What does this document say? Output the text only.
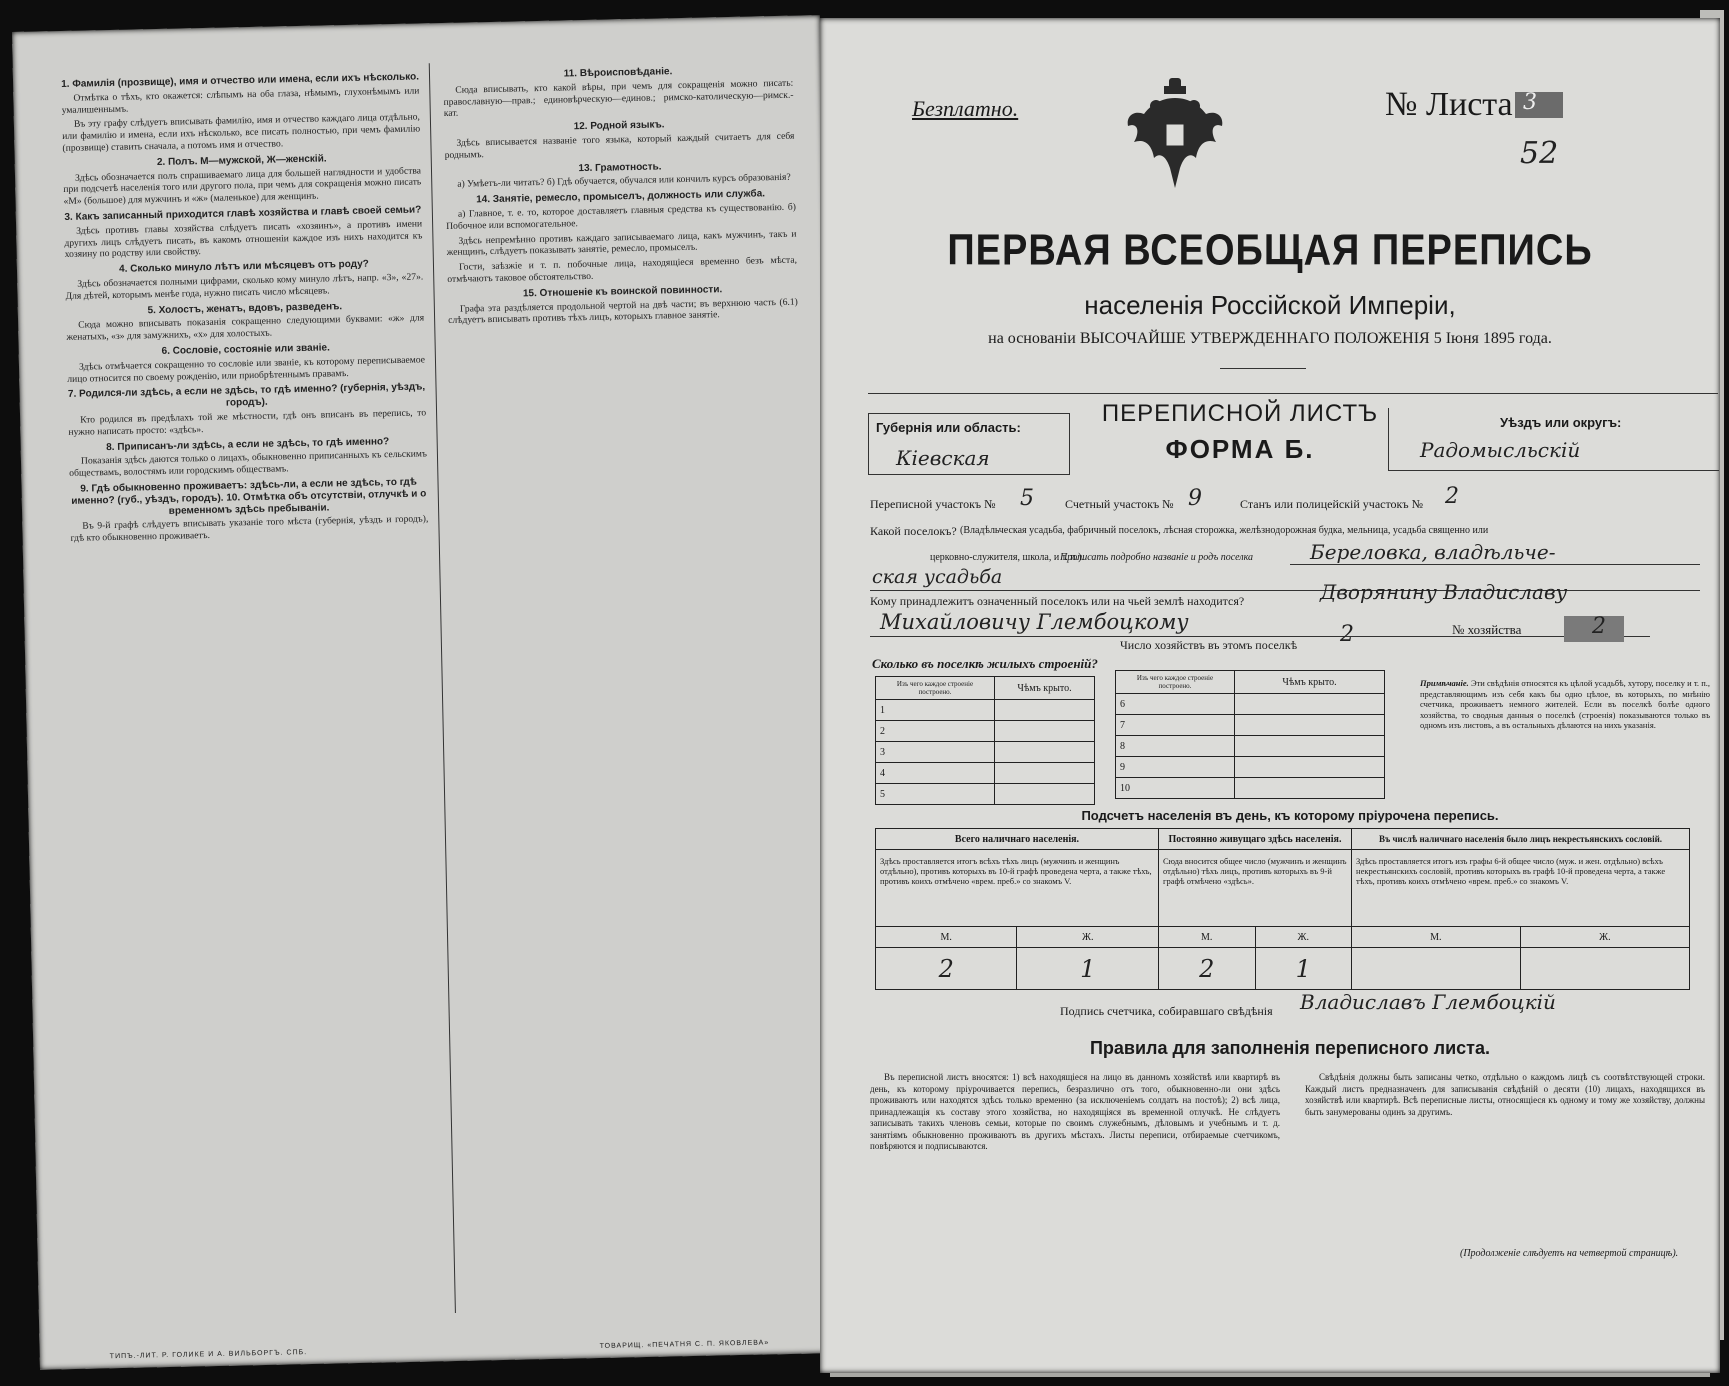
1. Фамилія (прозвище), имя и отчество или имена, если ихъ нѣсколько.

Отмѣтка о тѣхъ, кто окажется: слѣпымъ на оба глаза, нѣмымъ, глухонѣмымъ или умалишеннымъ.

Въ эту графу слѣдуетъ вписывать фамилію, имя и отчество каждаго лица отдѣльно, или фамилію и имена, если ихъ нѣсколько, все писать полностью, при чемъ фамилію (прозвище) ставить сначала, а потомъ имя и отчество.

2. Полъ. М—мужской, Ж—женскій.

Здѣсь обозначается полъ спрашиваемаго лица для большей наглядности и удобства при подсчетѣ населенія того или другого пола, при чемъ для сокращенія можно писать «М» (большое) для мужчинъ и «ж» (маленькое) для женщинъ.

3. Какъ записанный приходится главѣ хозяйства и главѣ своей семьи?

Здѣсь противъ главы хозяйства слѣдуетъ писать «хозяинъ», а противъ имени другихъ лицъ слѣдуетъ писать, въ какомъ отношеніи каждое изъ нихъ находится къ хозяину по родству или свойству.

4. Сколько минуло лѣтъ или мѣсяцевъ отъ роду?

Здѣсь обозначается полными цифрами, сколько кому минуло лѣтъ, напр. «3», «27». Для дѣтей, которымъ менѣе года, нужно писать число мѣсяцевъ.

5. Холостъ, женатъ, вдовъ, разведенъ.

Сюда можно вписывать показанія сокращенно следующими буквами: «ж» для женатыхъ, «з» для замужнихъ, «х» для холостыхъ.

6. Сословіе, состояніе или званіе.

Здѣсь отмѣчается сокращенно то сословіе или званіе, къ которому переписываемое лицо относится по своему рожденію, или приобрѣтеннымъ правамъ.

7. Родился-ли здѣсь, а если не здѣсь, то гдѣ именно? (губернія, уѣздъ, городъ).

Кто родился въ предѣлахъ той же мѣстности, гдѣ онъ вписанъ въ перепись, то нужно написать просто: «здѣсь».

8. Приписанъ-ли здѣсь, а если не здѣсь, то гдѣ именно?

Показанія здѣсь даются только о лицахъ, обыкновенно приписанныхъ къ сельскимъ обществамъ, волостямъ или городскимъ обществамъ.

9. Гдѣ обыкновенно проживаетъ: здѣсь-ли, а если не здѣсь, то гдѣ именно? (губ., уѣздъ, городъ). 10. Отмѣтка объ отсутствіи, отлучкѣ и о временномъ здѣсь пребываніи.

Въ 9-й графѣ слѣдуетъ вписывать указаніе того мѣста (губернія, уѣздъ и городъ), гдѣ кто обыкновенно проживаетъ.

11. Вѣроисповѣданіе.

Сюда вписывать, кто какой вѣры, при чемъ для сокращенія можно писать: православную—прав.; единовѣрческую—единов.; римско-католическую—римск.-кат.

12. Родной языкъ.

Здѣсь вписывается названіе того языка, который каждый считаетъ для себя роднымъ.

13. Грамотность.

а) Умѣетъ-ли читать? б) Гдѣ обучается, обучался или кончилъ курсъ образованія?

14. Занятіе, ремесло, промыселъ, должность или служба.

а) Главное, т. е. то, которое доставляетъ главныя средства къ существованію. б) Побочное или вспомогательное.

Здѣсь непремѣнно противъ каждаго записываемаго лица, какъ мужчинъ, такъ и женщинъ, слѣдуетъ показывать занятіе, ремесло, промыселъ.

Гости, заѣзжіе и т. п. побочные лица, находящіеся временно безъ мѣста, отмѣчаютъ таковое обстоятельство.

15. Отношеніе къ воинской повинности.

Графа эта раздѣляется продольной чертой на двѣ части; въ верхнюю часть (6.1) слѣдуетъ вписывать противъ тѣхъ лицъ, которыхъ главное занятіе.

ТИПЪ.-ЛИТ. Р. ГОЛИКЕ И А. ВИЛЬБОРГЪ. СПБ.
ТОВАРИЩ. «ПЕЧАТНЯ С. П. ЯКОВЛЕВА»
Безплатно.	№ Листа 3
52
ПЕРВАЯ ВСЕОБЩАЯ ПЕРЕПИСЬ
населенія Россійской Имперіи,
на основаніи ВЫСОЧАЙШЕ УТВЕРЖДЕННАГО ПОЛОЖЕНІЯ 5 Іюня 1895 года.
ПЕРЕПИСНОЙ ЛИСТЪ
ФОРМА Б.
Губернія или область:
Кіевская
Уѣздъ или округъ:
Радомысльскій
Переписной участокъ № 5	Счетный участокъ № 9	Станъ или полицейскій участокъ № 2
Какой поселокъ? (Владѣльческая усадьба, фабричный поселокъ, лѣсная сторожка, желѣзнодорожная будка, мельница, усадьба священно или
церковно-служителя, школа, и т. п.).
Прописать подробно названіе и родъ поселка	Береловка, владѣльче-
ская усадьба
Кому принадлежитъ означенный поселокъ или на чьей землѣ находится?	Дворянину Владиславу
Михайловичу Глембоцкому
Число хозяйствъ въ этомъ поселкѣ 2	№ хозяйства	2
Сколько въ поселкѣ жилыхъ строеній?
Изъ чего каждое строеніе построено.	Чѣмъ крыто.
1	
2	
3	
4	
5	
Изъ чего каждое строеніе построено.	Чѣмъ крыто.
6	
7	
8	
9	
10	
Примѣчаніе. Эти свѣдѣнія относятся къ цѣлой усадьбѣ, хутору, поселку и т. п., представляющимъ изъ себя какъ бы одно цѣлое, въ которыхъ, по мнѣнію счетчика, проживаетъ немного жителей. Если въ поселкѣ болѣе одного хозяйства, то сводныя данныя о поселкѣ (строенія) показываются только въ одномъ изъ листовъ, а въ остальныхъ дѣлаются на нихъ указанія.
Подсчетъ населенія въ день, къ которому пріурочена перепись.
Всего наличнаго населенія.		Постоянно живущаго здѣсь населенія.		Въ числѣ наличнаго населенія было лицъ некрестьянскихъ сословій.	
Здѣсь проставляется итогъ всѣхъ тѣхъ лицъ (мужчинъ и женщинъ отдѣльно), противъ которыхъ въ 10-й графѣ проведена черта, а также тѣхъ, противъ коихъ отмѣчено «врем. преб.» со знакомъ V.		Сюда вносится общее число (мужчинъ и женщинъ отдѣльно) тѣхъ лицъ, противъ которыхъ въ 9-й графѣ отмѣчено «здѣсь».		Здѣсь проставляется итогъ изъ графы 6-й общее число (муж. и жен. отдѣльно) всѣхъ некрестьянскихъ сословій, противъ которыхъ въ графѣ 10-й проведена черта, а также тѣхъ, противъ коихъ отмѣчено «врем. преб.» со знакомъ V.	
М.	Ж.	М.	Ж.	М.	Ж.
2	1	2	1		
Подпись счетчика, собиравшаго свѣдѣнія Владиславъ Глембоцкій
Правила для заполненія переписного листа.
Въ переписной листъ вносятся: 1) всѣ находящіеся на лицо въ данномъ хозяйствѣ или квартирѣ въ день, къ которому пріурочивается перепись, безразлично отъ того, обыкновенно-ли они здѣсь проживаютъ или находятся здѣсь только временно (за исключеніемъ солдатъ на постоѣ); 2) всѣ лица, принадлежащія къ составу этого хозяйства, но находящіяся въ временной отлучкѣ. Не слѣдуетъ записывать такихъ членовъ семьи, которые по своимъ служебнымъ, дѣловымъ и учебнымъ и т. д. занятіямъ обыкновенно проживаютъ въ другихъ мѣстахъ. Листы переписи, отбираемые счетчикомъ, повѣряются и подписываются.
Свѣдѣнія должны быть записаны четко, отдѣльно о каждомъ лицѣ съ соотвѣтствующей строки. Каждый листъ предназначенъ для записыванія свѣдѣній о десяти (10) лицахъ, находящихся въ хозяйствѣ или квартирѣ. Всѣ переписные листы, относящіеся къ одному и тому же хозяйству, должны быть занумерованы одинъ за другимъ.
(Продолженіе слѣдуетъ на четвертой страницѣ).
